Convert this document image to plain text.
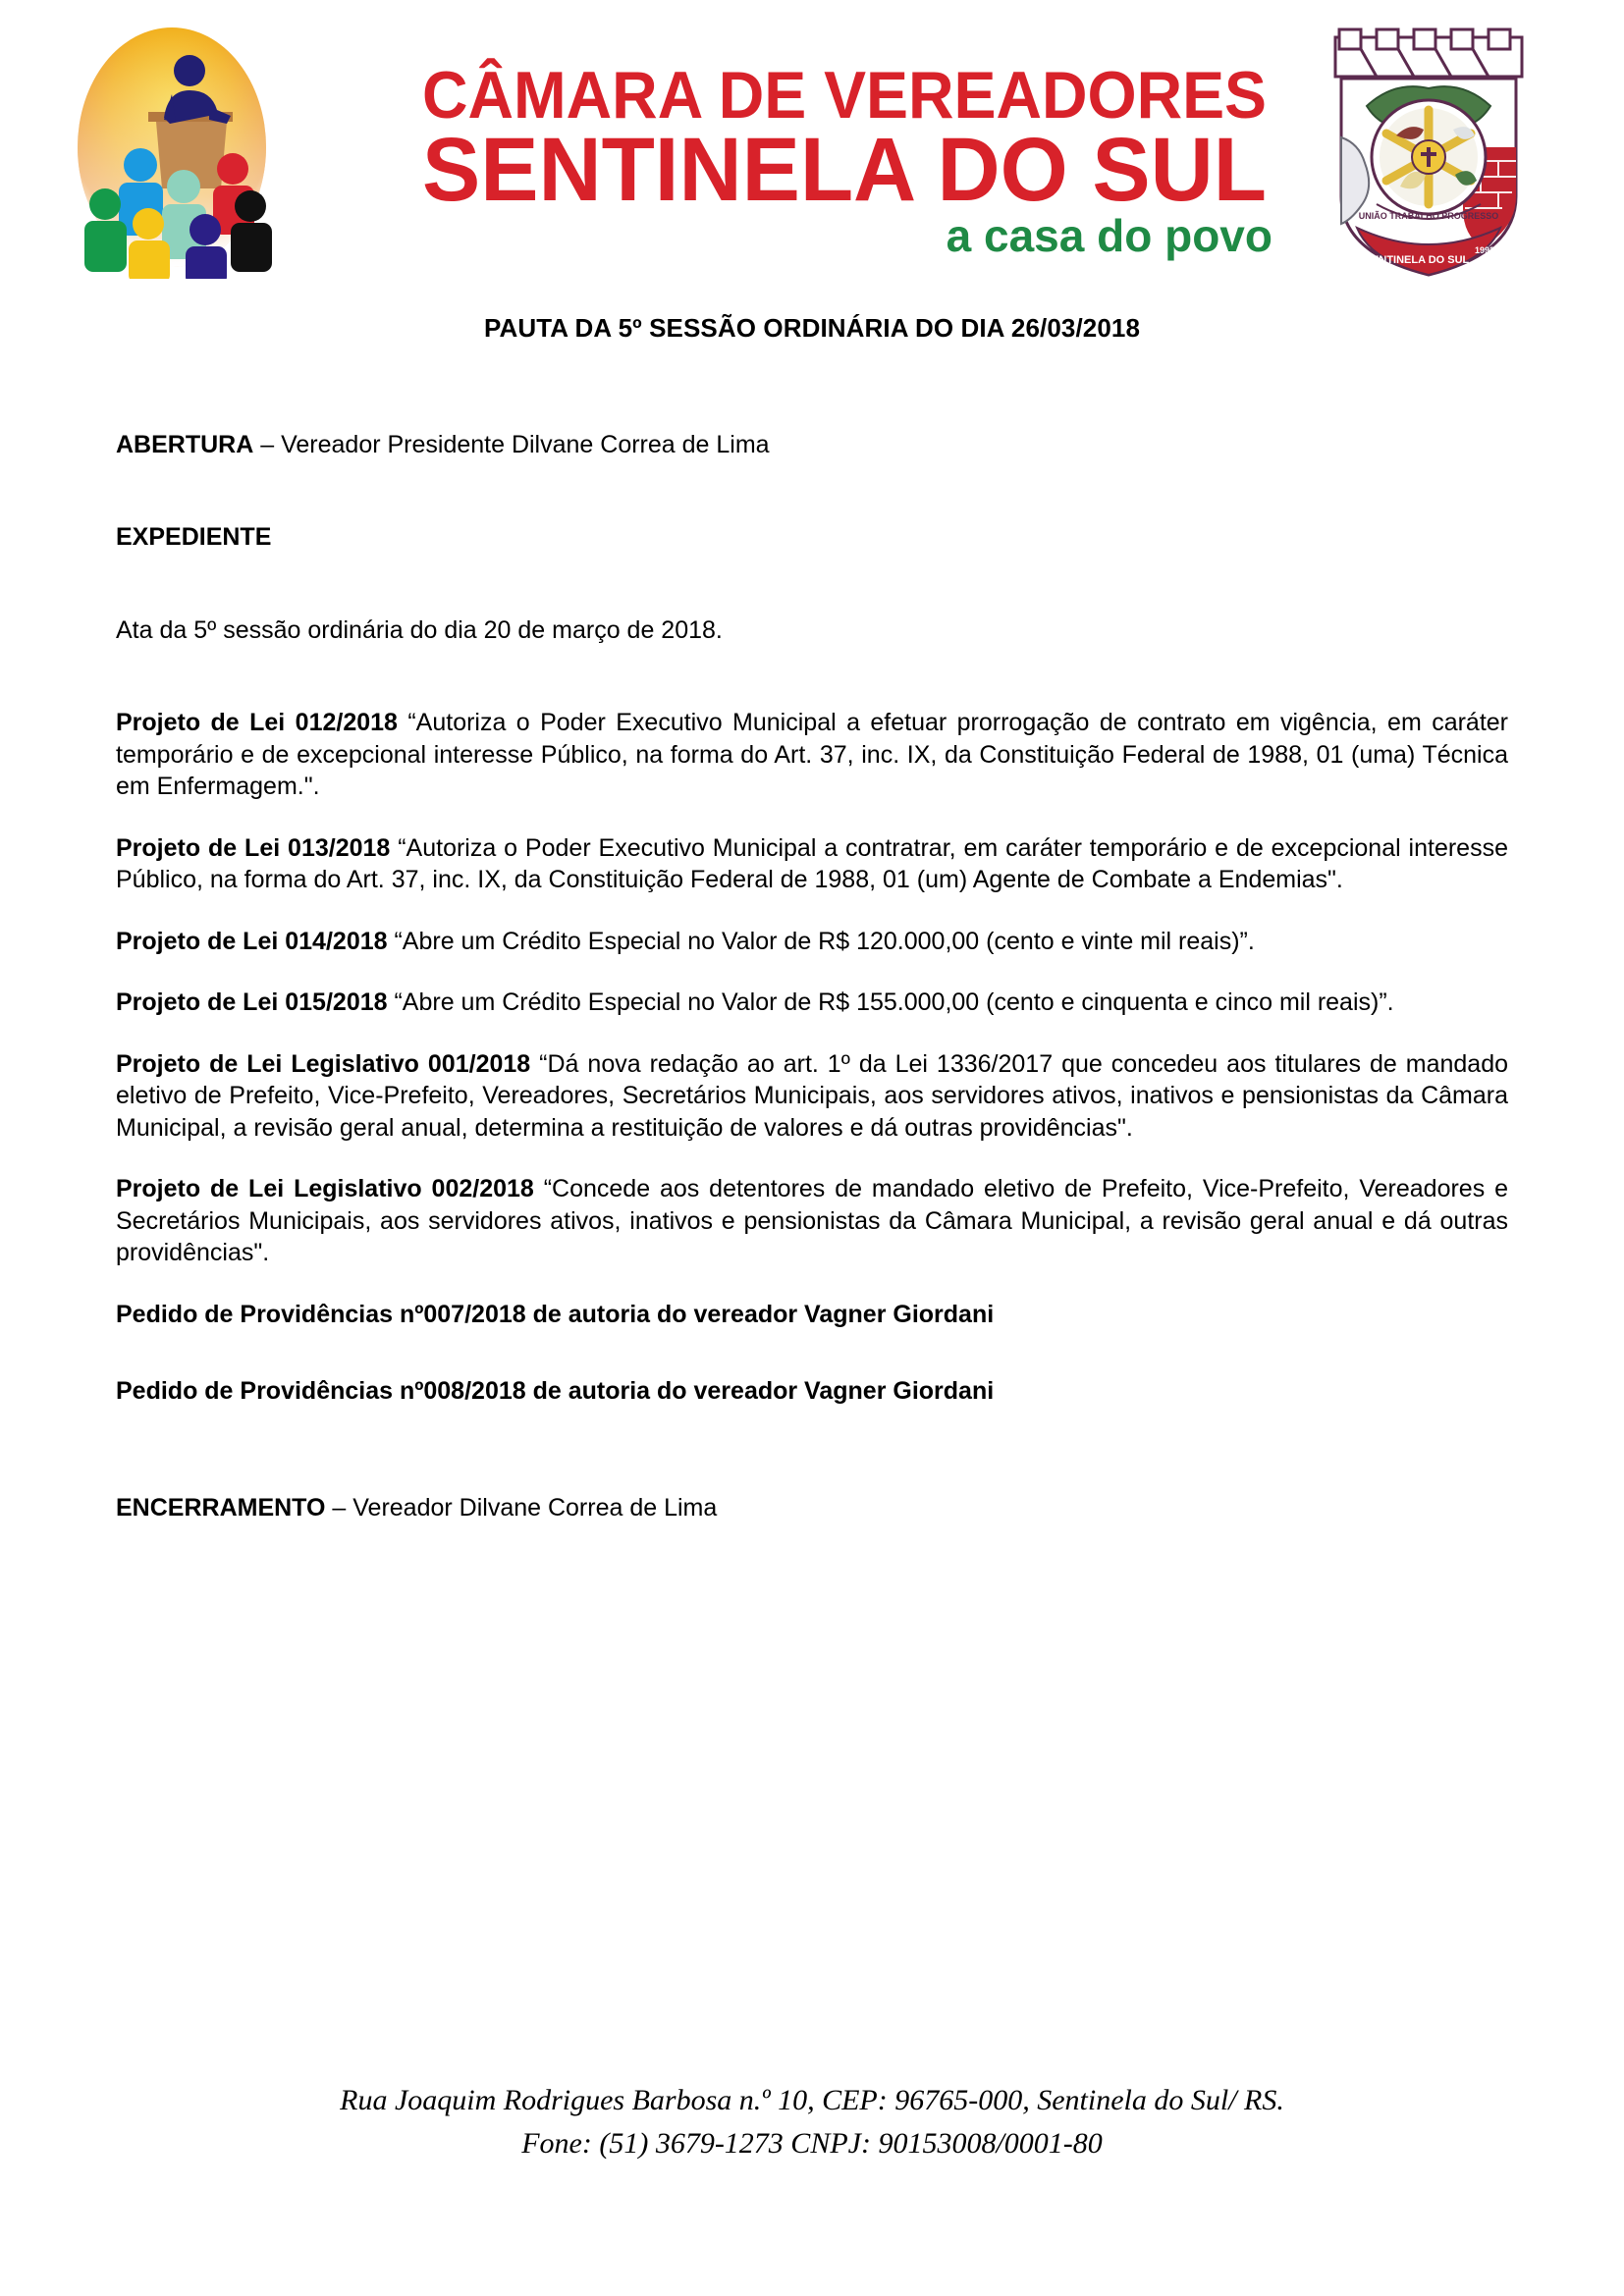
CÂMARA DE VEREADORES
SENTINELA DO SUL
a casa do povo	UNIÃO TRABALHO PROGRESSO
SENTINELA DO SUL
1992
PAUTA DA 5º SESSÃO ORDINÁRIA DO DIA 26/03/2018

ABERTURA – Vereador Presidente Dilvane Correa de Lima

EXPEDIENTE

Ata da 5º sessão ordinária do dia 20 de março de 2018.

Projeto de Lei 012/2018 “Autoriza o Poder Executivo Municipal a efetuar prorrogação de contrato em vigência, em caráter temporário e de excepcional interesse Público, na forma do Art. 37, inc. IX, da Constituição Federal de 1988, 01 (uma) Técnica em Enfermagem.".

Projeto de Lei 013/2018 “Autoriza o Poder Executivo Municipal a contratrar, em caráter temporário e de excepcional interesse Público, na forma do Art. 37, inc. IX, da Constituição Federal de 1988, 01 (um) Agente de Combate a Endemias".

Projeto de Lei 014/2018 “Abre um Crédito Especial no Valor de R$ 120.000,00 (cento e vinte mil reais)”.

Projeto de Lei 015/2018 “Abre um Crédito Especial no Valor de R$ 155.000,00 (cento e cinquenta e cinco mil reais)”.

Projeto de Lei Legislativo 001/2018 “Dá nova redação ao art. 1º da Lei 1336/2017 que concedeu aos titulares de mandado eletivo de Prefeito, Vice-Prefeito, Vereadores, Secretários Municipais, aos servidores ativos, inativos e pensionistas da Câmara Municipal, a revisão geral anual, determina a restituição de valores e dá outras providências".

Projeto de Lei Legislativo 002/2018 “Concede aos detentores de mandado eletivo de Prefeito, Vice-Prefeito, Vereadores e Secretários Municipais, aos servidores ativos, inativos e pensionistas da Câmara Municipal, a revisão geral anual e dá outras providências".

Pedido de Providências nº007/2018 de autoria do vereador Vagner Giordani

Pedido de Providências nº008/2018 de autoria do vereador Vagner Giordani

ENCERRAMENTO – Vereador Dilvane Correa de Lima

Rua Joaquim Rodrigues Barbosa n.º 10, CEP: 96765-000, Sentinela do Sul/ RS.
Fone: (51) 3679-1273 CNPJ: 90153008/0001-80
